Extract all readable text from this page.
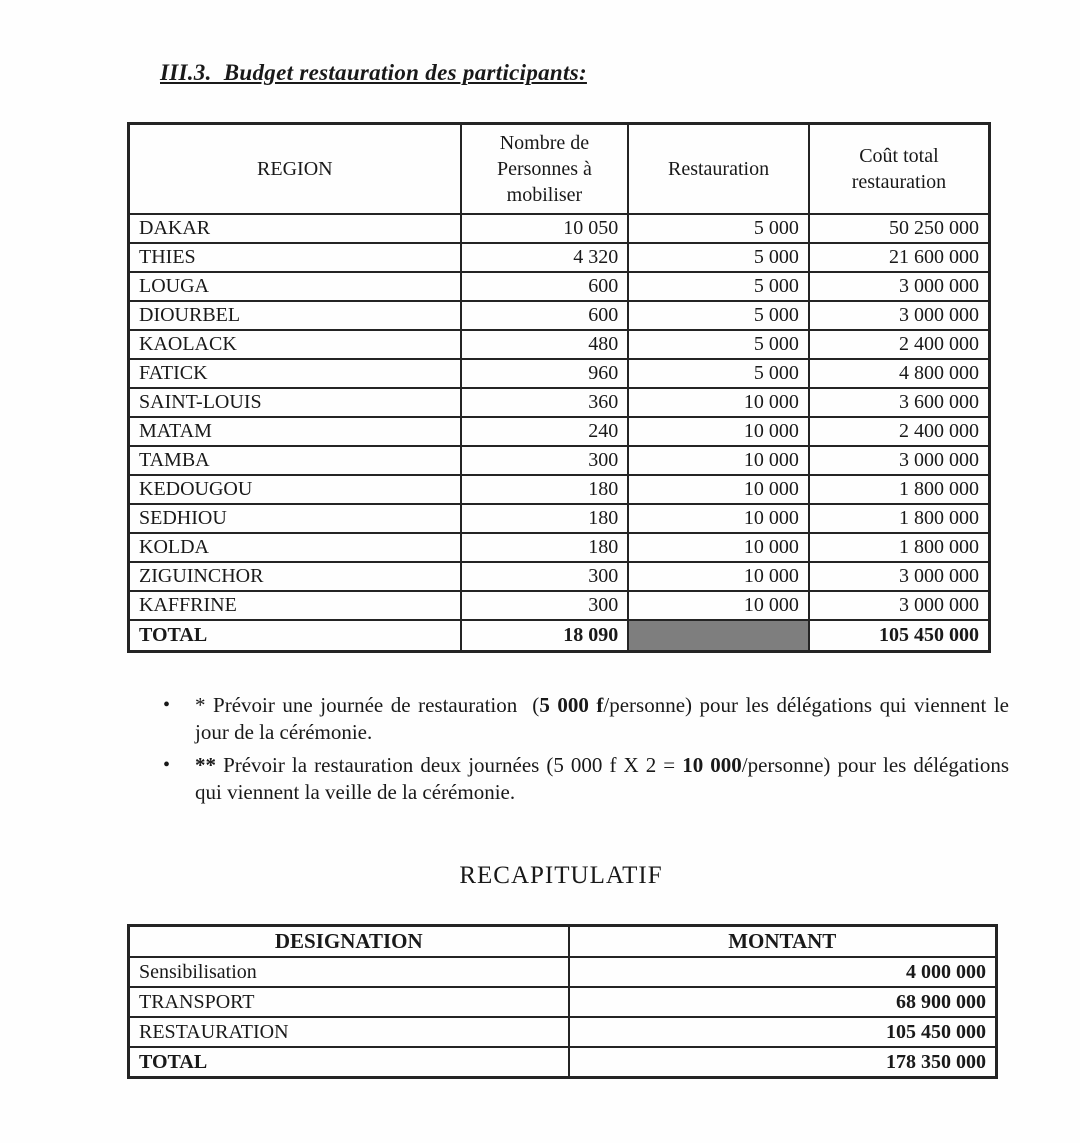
III.3.  Budget restauration des participants:
REGION	Nombre de Personnes à mobiliser	Restauration	Coût total restauration
DAKAR	10 050	5 000	50 250 000
THIES	4 320	5 000	21 600 000
LOUGA	600	5 000	3 000 000
DIOURBEL	600	5 000	3 000 000
KAOLACK	480	5 000	2 400 000
FATICK	960	5 000	4 800 000
SAINT-LOUIS	360	10 000	3 600 000
MATAM	240	10 000	2 400 000
TAMBA	300	10 000	3 000 000
KEDOUGOU	180	10 000	1 800 000
SEDHIOU	180	10 000	1 800 000
KOLDA	180	10 000	1 800 000
ZIGUINCHOR	300	10 000	3 000 000
KAFFRINE	300	10 000	3 000 000
TOTAL	18 090		105 450 000
•	* Prévoir une journée de restauration  (5 000 f/personne) pour les délégations qui viennent le jour de la cérémonie.
•	** Prévoir la restauration deux journées (5 000 f X 2 = 10 000/personne) pour les délégations qui viennent la veille de la cérémonie.
RECAPITULATIF
DESIGNATION	MONTANT
Sensibilisation	4 000 000
TRANSPORT	68 900 000
RESTAURATION	105 450 000
TOTAL	178 350 000
